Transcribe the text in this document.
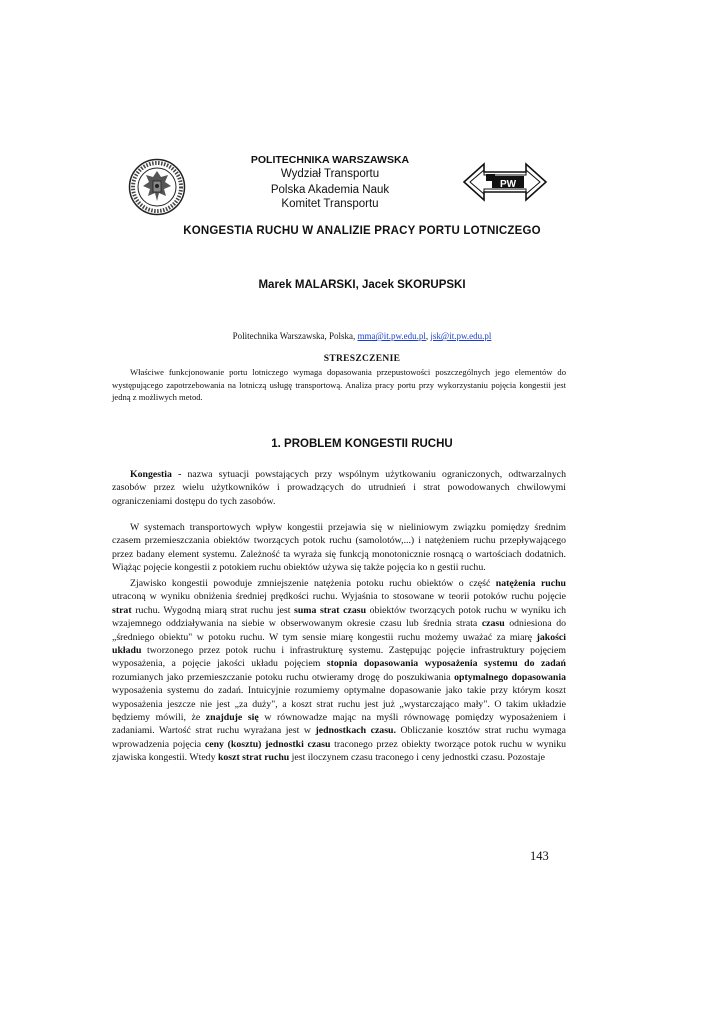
PW
POLITECHNIKA WARSZAWSKA
Wydział Transportu
Polska Akademia Nauk
Komitet Transportu
KONGESTIA RUCHU W ANALIZIE PRACY PORTU LOTNICZEGO
Marek MALARSKI, Jacek SKORUPSKI
Politechnika Warszawska, Polska, mma@it.pw.edu.pl, jsk@it.pw.edu.pl
STRESZCZENIE
Właściwe funkcjonowanie portu lotniczego wymaga dopasowania przepustowości poszczególnych jego elementów do występującego zapotrzebowania na lotniczą usługę transportową. Analiza pracy portu przy wykorzystaniu pojęcia kongestii jest jedną z możliwych metod.
1. PROBLEM KONGESTII RUCHU

Kongestia - nazwa sytuacji powstających przy wspólnym użytkowaniu ograniczonych, odtwarzalnych zasobów przez wielu użytkowników i prowadzących do utrudnień i strat powodowanych chwilowymi ograniczeniami dostępu do tych zasobów.

W systemach transportowych wpływ kongestii przejawia się w nieliniowym związku pomiędzy średnim czasem przemieszczania obiektów tworzących potok ruchu (samolotów,...) i natężeniem ruchu przepływającego przez badany element systemu. Zależność ta wyraża się funkcją monotonicznie rosnącą o wartościach dodatnich. Wiążąc pojęcie kongestii z potokiem ruchu obiektów używa się także pojęcia ko n gestii ruchu.

Zjawisko kongestii powoduje zmniejszenie natężenia potoku ruchu obiektów o część natężenia ruchu utraconą w wyniku obniżenia średniej prędkości ruchu. Wyjaśnia to stosowane w teorii potoków ruchu pojęcie strat ruchu. Wygodną miarą strat ruchu jest suma strat czasu obiektów tworzących potok ruchu w wyniku ich wzajemnego oddziaływania na siebie w obserwowanym okresie czasu lub średnia strata czasu odniesiona do „średniego obiektu" w potoku ruchu. W tym sensie miarę kongestii ruchu możemy uważać za miarę jakości układu tworzonego przez potok ruchu i infrastrukturę systemu. Zastępując pojęcie infrastruktury pojęciem wyposażenia, a pojęcie jakości układu pojęciem stopnia dopasowania wyposażenia systemu do zadań rozumianych jako przemieszczanie potoku ruchu otwieramy drogę do poszukiwania optymalnego dopasowania wyposażenia systemu do zadań. Intuicyjnie rozumiemy optymalne dopasowanie jako takie przy którym koszt wyposażenia jeszcze nie jest „za duży", a koszt strat ruchu jest już „wystarczająco mały". O takim układzie będziemy mówili, że znajduje się w równowadze mając na myśli równowagę pomiędzy wyposażeniem i zadaniami. Wartość strat ruchu wyrażana jest w jednostkach czasu. Obliczanie kosztów strat ruchu wymaga wprowadzenia pojęcia ceny (kosztu) jednostki czasu traconego przez obiekty tworzące potok ruchu w wyniku zjawiska kongestii. Wtedy koszt strat ruchu jest iloczynem czasu traconego i ceny jednostki czasu. Pozostaje

143
